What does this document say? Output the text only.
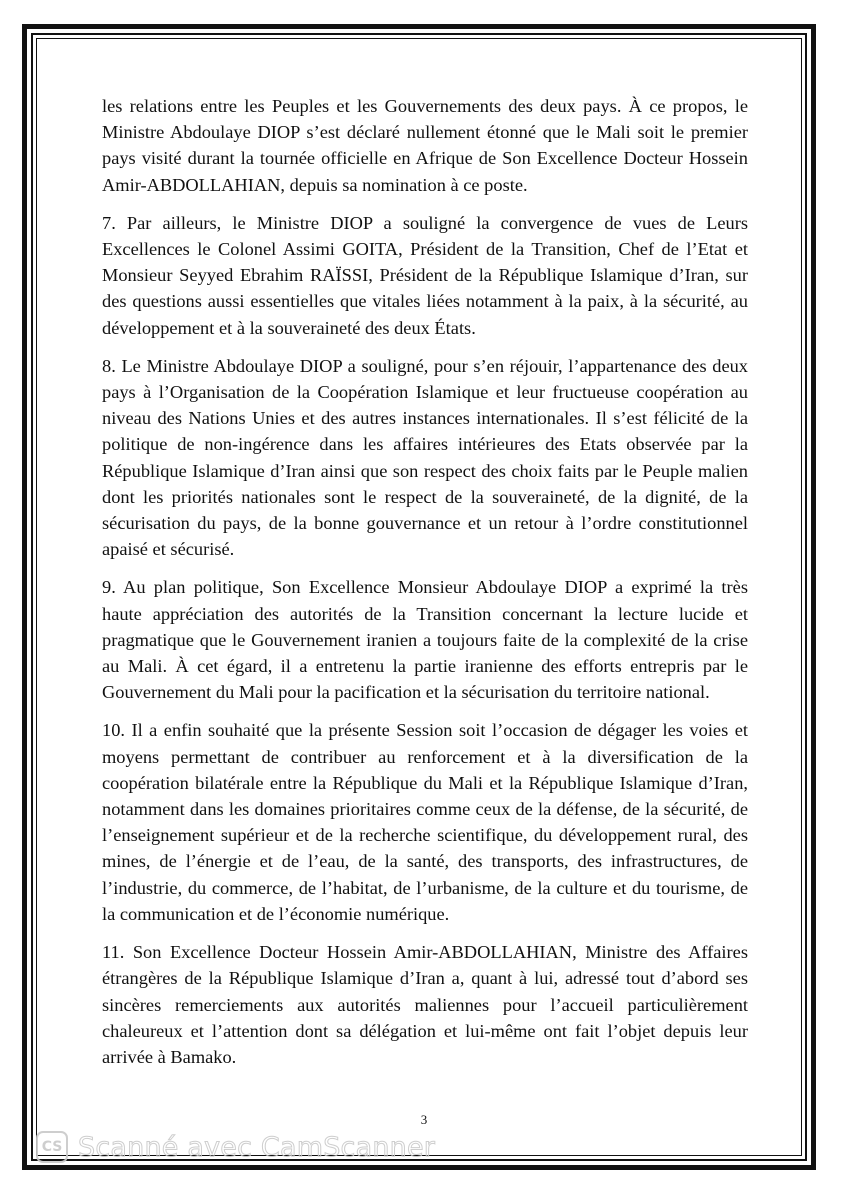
les relations entre les Peuples et les Gouvernements des deux pays. À ce propos, le Ministre Abdoulaye DIOP s’est déclaré nullement étonné que le Mali soit le premier pays visité durant la tournée officielle en Afrique de Son Excellence Docteur Hossein Amir-ABDOLLAHIAN, depuis sa nomination à ce poste.

7. Par ailleurs, le Ministre DIOP a souligné la convergence de vues de Leurs Excellences le Colonel Assimi GOITA, Président de la Transition, Chef de l’Etat et Monsieur Seyyed Ebrahim RAÏSSI, Président de la République Islamique d’Iran, sur des questions aussi essentielles que vitales liées notamment à la paix, à la sécurité, au développement et à la souveraineté des deux États.

8. Le Ministre Abdoulaye DIOP a souligné, pour s’en réjouir, l’appartenance des deux pays à l’Organisation de la Coopération Islamique et leur fructueuse coopération au niveau des Nations Unies et des autres instances internationales. Il s’est félicité de la politique de non-ingérence dans les affaires intérieures des Etats observée par la République Islamique d’Iran ainsi que son respect des choix faits par le Peuple malien dont les priorités nationales sont le respect de la souveraineté, de la dignité, de la sécurisation du pays, de la bonne gouvernance et un retour à l’ordre constitutionnel apaisé et sécurisé.

9. Au plan politique, Son Excellence Monsieur Abdoulaye DIOP a exprimé la très haute appréciation des autorités de la Transition concernant la lecture lucide et pragmatique que le Gouvernement iranien a toujours faite de la complexité de la crise au Mali. À cet égard, il a entretenu la partie iranienne des efforts entrepris par le Gouvernement du Mali pour la pacification et la sécurisation du territoire national.

10. Il a enfin souhaité que la présente Session soit l’occasion de dégager les voies et moyens permettant de contribuer au renforcement et à la diversification de la coopération bilatérale entre la République du Mali et la République Islamique d’Iran, notamment dans les domaines prioritaires comme ceux de la défense, de la sécurité, de l’enseignement supérieur et de la recherche scientifique, du développement rural, des mines, de l’énergie et de l’eau, de la santé, des transports, des infrastructures, de l’industrie, du commerce, de l’habitat, de l’urbanisme, de la culture et du tourisme, de la communication et de l’économie numérique.

11. Son Excellence Docteur Hossein Amir-ABDOLLAHIAN, Ministre des Affaires étrangères de la République Islamique d’Iran a, quant à lui, adressé tout d’abord ses sincères remerciements aux autorités maliennes pour l’accueil particulièrement chaleureux et l’attention dont sa délégation et lui-même ont fait l’objet depuis leur arrivée à Bamako.

3
CS Scanné avec CamScanner
